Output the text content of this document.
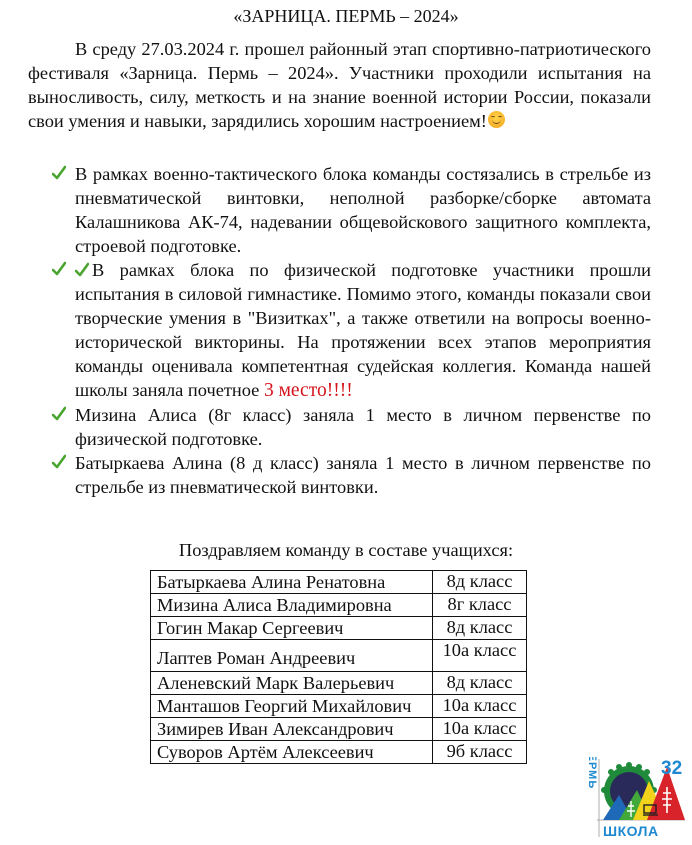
«ЗАРНИЦА. ПЕРМЬ – 2024»

В среду 27.03.2024 г. прошел районный этап спортивно-патриотического фестиваля «Зарница. Пермь – 2024». Участники проходили испытания на выносливость, силу, меткость и на знание военной истории России, показали свои умения и навыки, зарядились хорошим настроением!

В рамках военно-тактического блока команды состязались в стрельбе из пневматической винтовки, неполной разборке/сборке автомата Калашникова АК-74, надевании общевойскового защитного комплекта, строевой подготовке.
В рамках блока по физической подготовке участники прошли испытания в силовой гимнастике. Помимо этого, команды показали свои творческие умения в "Визитках", а также ответили на вопросы военно-исторической викторины. На протяжении всех этапов мероприятия команды оценивала компетентная судейская коллегия. Команда нашей школы заняла почетное 3 место!!!!
Мизина Алиса (8г класс) заняла 1 место в личном первенстве по физической подготовке.
Батыркаева Алина (8 д класс) заняла 1 место в личном первенстве по стрельбе из пневматической винтовки.
Поздравляем команду в составе учащихся:
Батыркаева Алина Ренатовна	8д класс
Мизина Алиса Владимировна	8г класс
Гогин Макар Сергеевич	8д класс
Лаптев Роман Андреевич	10а класс
Аленевский Марк Валерьевич	8д класс
Манташов Георгий Михайлович	10а класс
Зимирев Иван Александрович	10а класс
Суворов Артём Алексеевич	9б класс	ПЕРМЬ	32
ШКОЛА
